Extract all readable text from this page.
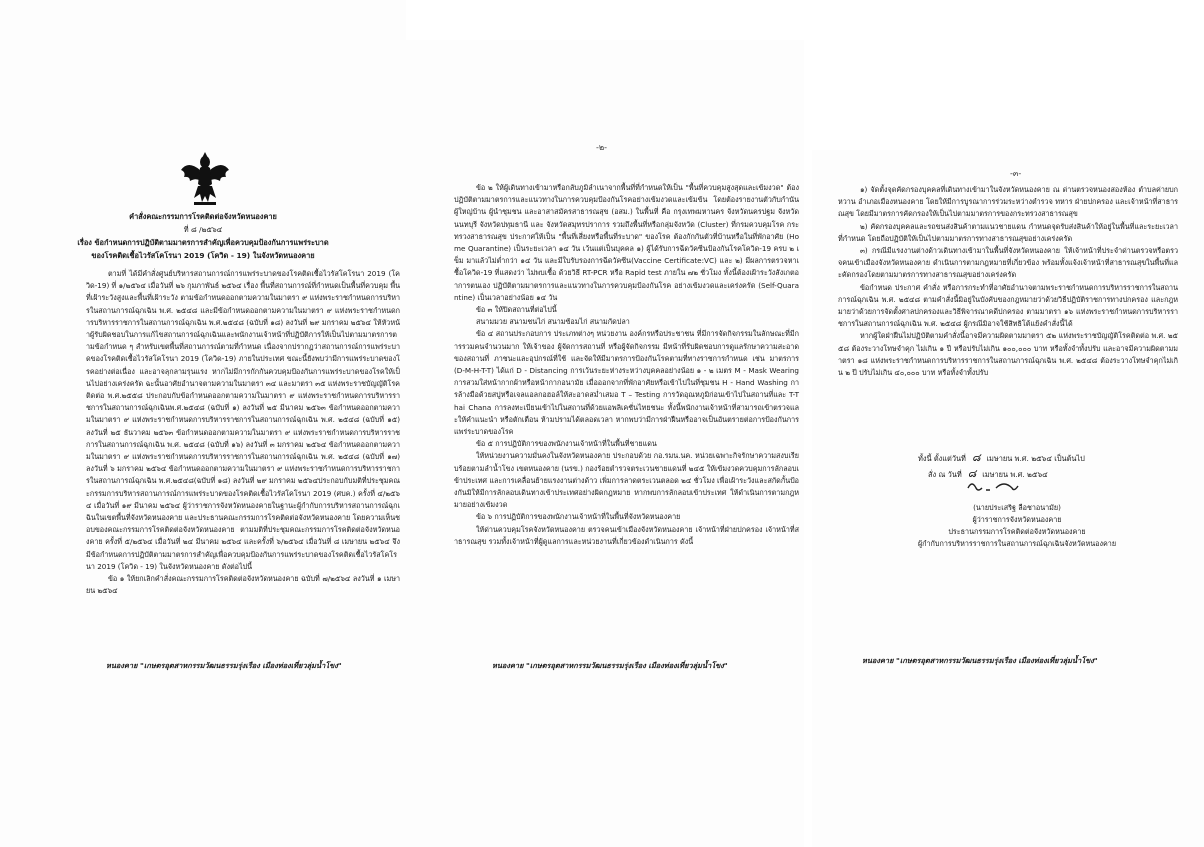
คำสั่งคณะกรรมการโรคติดต่อจังหวัดหนองคาย
ที่ ๘ /๒๕๖๔
เรื่อง ข้อกำหนดการปฏิบัติตามมาตรการสำคัญเพื่อควบคุมป้องกันการแพร่ระบาด
ของโรคติดเชื้อไวรัสโคโรนา 2019 (โควิด - 19) ในจังหวัดหนองคาย

ตามที่ ได้มีคำสั่งศูนย์บริหารสถานการณ์การแพร่ระบาดของโรคติดเชื้อไวรัสโคโรนา 2019 (โควิด-19) ที่ ๑/๒๕๖๔ เมื่อวันที่ ๒๖ กุมภาพันธ์ ๒๕๖๔ เรื่อง พื้นที่สถานการณ์ที่กำหนดเป็นพื้นที่ควบคุม พื้นที่เฝ้าระวังสูงและพื้นที่เฝ้าระวัง ตามข้อกำหนดออกตามความในมาตรา ๙ แห่งพระราชกำหนดการบริหารในสถานการณ์ฉุกเฉิน พ.ศ. ๒๕๔๘ และมีข้อกำหนดออกตามความในมาตรา ๙ แห่งพระราชกำหนดการบริหารราชการในสถานการณ์ฉุกเฉิน พ.ศ.๒๕๔๘ (ฉบับที่ ๑๘) ลงวันที่ ๒๙ มกราคม ๒๕๖๔ ให้หัวหน้าผู้รับผิดชอบในการแก้ไขสถานการณ์ฉุกเฉินและพนักงานเจ้าหน้าที่ปฏิบัติการให้เป็นไปตามมาตรการตามข้อกำหนด ๆ สำหรับเขตพื้นที่สถานการณ์ตามที่กำหนด เนื่องจากปรากฏว่าสถานการณ์การแพร่ระบาดของโรคติดเชื้อไวรัสโคโรนา 2019 (โควิด-19) ภายในประเทศ ขณะนี้ยังพบว่ามีการแพร่ระบาดของโรคอย่างต่อเนื่อง และอาจลุกลามรุนแรง หากไม่มีการกักกันควบคุมป้องกันการแพร่ระบาดของโรคให้เป็นไปอย่างเคร่งครัด ฉะนั้นอาศัยอำนาจตามความในมาตรา ๓๔ และมาตรา ๓๕ แห่งพระราชบัญญัติโรคติดต่อ พ.ศ.๒๕๕๘ ประกอบกับข้อกำหนดออกตามความในมาตรา ๙ แห่งพระราชกำหนดการบริหารราชการในสถานการณ์ฉุกเฉินพ.ศ.๒๕๔๘ (ฉบับที่ ๑) ลงวันที่ ๒๕ มีนาคม ๒๕๖๓ ข้อกำหนดออกตามความในมาตรา ๙ แห่งพระราชกำหนดการบริหารราชการในสถานการณ์ฉุกเฉิน พ.ศ. ๒๕๔๘ (ฉบับที่ ๑๕) ลงวันที่ ๒๕ ธันวาคม ๒๕๖๓ ข้อกำหนดออกตามความในมาตรา ๙ แห่งพระราชกำหนดการบริหารราชการในสถานการณ์ฉุกเฉิน พ.ศ. ๒๕๔๘ (ฉบับที่ ๑๖) ลงวันที่ ๓ มกราคม ๒๕๖๔ ข้อกำหนดออกตามความในมาตรา ๙ แห่งพระราชกำหนดการบริหารราชการในสถานการณ์ฉุกเฉิน พ.ศ. ๒๕๔๘ (ฉบับที่ ๑๗) ลงวันที่ ๖ มกราคม ๒๕๖๔ ข้อกำหนดออกตามความในมาตรา ๙ แห่งพระราชกำหนดการบริหารราชการในสถานการณ์ฉุกเฉิน พ.ศ.๒๕๔๘(ฉบับที่ ๑๘) ลงวันที่ ๒๙ มกราคม ๒๕๖๔ประกอบกับมติที่ประชุมคณะกรรมการบริหารสถานการณ์การแพร่ระบาดของโรคติดเชื้อไวรัสโคโรนา 2019 (ศบค.) ครั้งที่ ๔/๒๕๖๔ เมื่อวันที่ ๑๙ มีนาคม ๒๕๖๔ ผู้ว่าราชการจังหวัดหนองคายในฐานะผู้กำกับการบริหารสถานการณ์ฉุกเฉินในเขตพื้นที่จังหวัดหนองคาย และประธานคณะกรรมการโรคติดต่อจังหวัดหนองคาย โดยความเห็นชอบของคณะกรรมการโรคติดต่อจังหวัดหนองคาย ตามมติที่ประชุมคณะกรรมการโรคติดต่อจังหวัดหนองคาย ครั้งที่ ๕/๒๕๖๔ เมื่อวันที่ ๒๔ มีนาคม ๒๕๖๔ และครั้งที่ ๖/๒๕๖๔ เมื่อวันที่ ๘ เมษายน ๒๕๖๔ จึงมีข้อกำหนดการปฏิบัติตามมาตรการสำคัญเพื่อควบคุมป้องกันการแพร่ระบาดของโรคติดเชื้อไวรัสโคโรนา 2019 (โควิด - 19) ในจังหวัดหนองคาย ดังต่อไปนี้

ข้อ ๑ ให้ยกเลิกคำสั่งคณะกรรมการโรคติดต่อจังหวัดหนองคาย ฉบับที่ ๗/๒๕๖๔ ลงวันที่ ๑ เมษายน ๒๕๖๔

หนองคาย "เกษตรอุตสาหกรรมวัฒนธรรมรุ่งเรือง เมืองท่องเที่ยวลุ่มน้ำโขง"
-๒-

ข้อ ๒ ให้ผู้เดินทางเข้ามาหรือกลับภูมิลำเนาจากพื้นที่ที่กำหนดให้เป็น "พื้นที่ควบคุมสูงสุดและเข้มงวด" ต้องปฏิบัติตามมาตรการและแนวทางในการควบคุมป้องกันโรคอย่างเข้มงวดและเข้มข้น โดยต้องรายงานตัวกับกำนัน ผู้ใหญ่บ้าน ผู้นำชุมชน และอาสาสมัครสาธารณสุข (อสม.) ในพื้นที่ คือ กรุงเทพมหานคร จังหวัดนครปฐม จังหวัดนนทบุรี จังหวัดปทุมธานี และ จังหวัดสมุทรปราการ รวมถึงพื้นที่หรือกลุ่มจังหวัด (Cluster) ที่กรมควบคุมโรค กระทรวงสาธารณสุข ประกาศให้เป็น "พื้นที่เสี่ยงหรือพื้นที่ระบาด" ของโรค ต้องกักกันตัวที่บ้านหรือในที่พักอาศัย (Home Quarantine) เป็นระยะเวลา ๑๔ วัน เว้นแต่เป็นบุคคล ๑) ผู้ได้รับการฉีดวัคซีนป้องกันโรคโควิด-19 ครบ ๒ เข็ม มาแล้วไม่ต่ำกว่า ๑๔ วัน และมีใบรับรองการฉีดวัคซีน(Vaccine Certificate:VC) และ ๒) มีผลการตรวจหาเชื้อโควิด-19 ที่แสดงว่า ไม่พบเชื้อ ด้วยวิธี RT-PCR หรือ Rapid test ภายใน ๗๒ ชั่วโมง ทั้งนี้ต้องเฝ้าระวังสังเกตอาการตนเอง ปฏิบัติตามมาตรการและแนวทางในการควบคุมป้องกันโรค อย่างเข้มงวดและเคร่งครัด (Self-Quarantine) เป็นเวลาอย่างน้อย ๑๔ วัน

ข้อ ๓ ให้ปิดสถานที่ต่อไปนี้

สนามมวย สนามชนไก่ สนามซ้อมไก่ สนามกัดปลา

ข้อ ๔ สถานประกอบการ ประเภทต่างๆ หน่วยงาน องค์กรหรือประชาชน ที่มีการจัดกิจกรรมในลักษณะที่มีการรวมคนจำนวนมาก ให้เจ้าของ ผู้จัดการสถานที่ หรือผู้จัดกิจกรรม มีหน้าที่รับผิดชอบการดูแลรักษาความสะอาดของสถานที่ ภาชนะและอุปกรณ์ที่ใช้ และจัดให้มีมาตรการป้องกันโรคตามที่ทางราชการกำหนด เช่น มาตรการ (D-M-H-T-T) ได้แก่ D - Distancing การเว้นระยะห่างระหว่างบุคคลอย่างน้อย ๑ - ๒ เมตร M - Mask Wearing การสวมใส่หน้ากากผ้าหรือหน้ากากอนามัย เมื่อออกจากที่พักอาศัยหรือเข้าไปในที่ชุมชน H - Hand Washing การล้างมือด้วยสบู่หรือเจลแอลกอฮอล์ให้สะอาดสม่ำเสมอ T – Testing การวัดอุณหภูมิก่อนเข้าไปในสถานที่และ T-Thai Chana การลงทะเบียนเข้าไปในสถานที่ด้วยแอพลิเคชั่นไทยชนะ ทั้งนี้พนักงานเจ้าหน้าที่สามารถเข้าตรวจและให้คำแนะนำ หรือตักเตือน ห้ามปรามได้ตลอดเวลา หากพบว่ามีการฝ่าฝืนหรืออาจเป็นอันตรายต่อการป้องกันการแพร่ระบาดของโรค

ข้อ ๕ การปฏิบัติการของพนักงานเจ้าหน้าที่ในพื้นที่ชายแดน

ให้หน่วยงานความมั่นคงในจังหวัดหนองคาย ประกอบด้วย กอ.รมน.นค. หน่วยเฉพาะกิจรักษาความสงบเรียบร้อยตามลำน้ำโขง เขตหนองคาย (นรข.) กองร้อยตำรวจตระเวนชายแดนที่ ๒๔๕ ให้เข้มงวดควบคุมการลักลอบเข้าประเทศ และการเคลื่อนย้ายแรงงานต่างด้าว เพิ่มการลาดตระเวนตลอด ๒๔ ชั่วโมง เพื่อเฝ้าระวังและสกัดกั้นป้องกันมิให้มีการลักลอบเดินทางเข้าประเทศอย่างผิดกฎหมาย หากพบการลักลอบเข้าประเทศ ให้ดำเนินการตามกฎหมายอย่างเข้มงวด

ข้อ ๖ การปฏิบัติการของพนักงานเจ้าหน้าที่ในพื้นที่จังหวัดหนองคาย

ให้ด่านควบคุมโรคจังหวัดหนองคาย ตรวจคนเข้าเมืองจังหวัดหนองคาย เจ้าหน้าที่ฝ่ายปกครอง เจ้าหน้าที่สาธารณสุข รวมทั้งเจ้าหน้าที่ผู้ดูแลการและหน่วยงานที่เกี่ยวข้องดำเนินการ ดังนี้

หนองคาย "เกษตรอุตสาหกรรมวัฒนธรรมรุ่งเรือง เมืองท่องเที่ยวลุ่มน้ำโขง"
-๓-

๑) จัดตั้งจุดคัดกรองบุคคลที่เดินทางเข้ามาในจังหวัดหนองคาย ณ ด่านตรวจหนองสองห้อง ตำบลค่ายบกหวาน อำเภอเมืองหนองคาย โดยให้มีการบูรณาการร่วมระหว่างตำรวจ ทหาร ฝ่ายปกครอง และเจ้าหน้าที่สาธารณสุข โดยมีมาตรการคัดกรองให้เป็นไปตามมาตรการของกระทรวงสาธารณสุข

๒) คัดกรองบุคคลและรถขนส่งสินค้าตามแนวชายแดน กำหนดจุดรับส่งสินค้าให้อยู่ในพื้นที่และระยะเวลาที่กำหนด โดยถือปฏิบัติให้เป็นไปตามมาตรการทางสาธารณสุขอย่างเคร่งครัด

๓) กรณีมีแรงงานต่างด้าวเดินทางเข้ามาในพื้นที่จังหวัดหนองคาย ให้เจ้าหน้าที่ประจำด่านตรวจหรือตรวจคนเข้าเมืองจังหวัดหนองคาย ดำเนินการตามกฎหมายที่เกี่ยวข้อง พร้อมทั้งแจ้งเจ้าหน้าที่สาธารณสุขในพื้นที่และคัดกรองโดยตามมาตรการทางสาธารณสุขอย่างเคร่งครัด

ข้อกำหนด ประกาศ คำสั่ง หรือการกระทำที่อาศัยอำนาจตามพระราชกำหนดการบริหารราชการในสถานการณ์ฉุกเฉิน พ.ศ. ๒๕๔๘ ตามคำสั่งนี้มิอยู่ในบังคับของกฎหมายว่าด้วยวิธีปฏิบัติราชการทางปกครอง และกฎหมายว่าด้วยการจัดตั้งศาลปกครองและวิธีพิจารณาคดีปกครอง ตามมาตรา ๑๖ แห่งพระราชกำหนดการบริหารราชการในสถานการณ์ฉุกเฉิน พ.ศ. ๒๕๔๘ ผู้กรณีมิอาจใช้สิทธิโต้แย้งคำสั่งนี้ได้

หากผู้ใดฝ่าฝืนไม่ปฏิบัติตามคำสั่งนี้อาจมีความผิดตามมาตรา ๕๒ แห่งพระราชบัญญัติโรคติดต่อ พ.ศ. ๒๕๕๘ ต้องระวางโทษจำคุก ไม่เกิน ๑ ปี หรือปรับไม่เกิน ๑๐๐,๐๐๐ บาท หรือทั้งจำทั้งปรับ และอาจมีความผิดตามมาตรา ๑๘ แห่งพระราชกำหนดการบริหารราชการในสถานการณ์ฉุกเฉิน พ.ศ. ๒๕๔๘ ต้องระวางโทษจำคุกไม่เกิน ๒ ปี ปรับไม่เกิน ๔๐,๐๐๐ บาท หรือทั้งจำทั้งปรับ

ทั้งนี้ ตั้งแต่วันที่ ๘ เมษายน พ.ศ. ๒๕๖๔ เป็นต้นไป
สั่ง ณ วันที่ ๘ เมษายน พ.ศ. ๒๕๖๔
(นายประเสริฐ ลือชาอนามัย)
ผู้ว่าราชการจังหวัดหนองคาย
ประธานกรรมการโรคติดต่อจังหวัดหนองคาย
ผู้กำกับการบริหารราชการในสถานการณ์ฉุกเฉินจังหวัดหนองคาย
หนองคาย "เกษตรอุตสาหกรรมวัฒนธรรมรุ่งเรือง เมืองท่องเที่ยวลุ่มน้ำโขง"
